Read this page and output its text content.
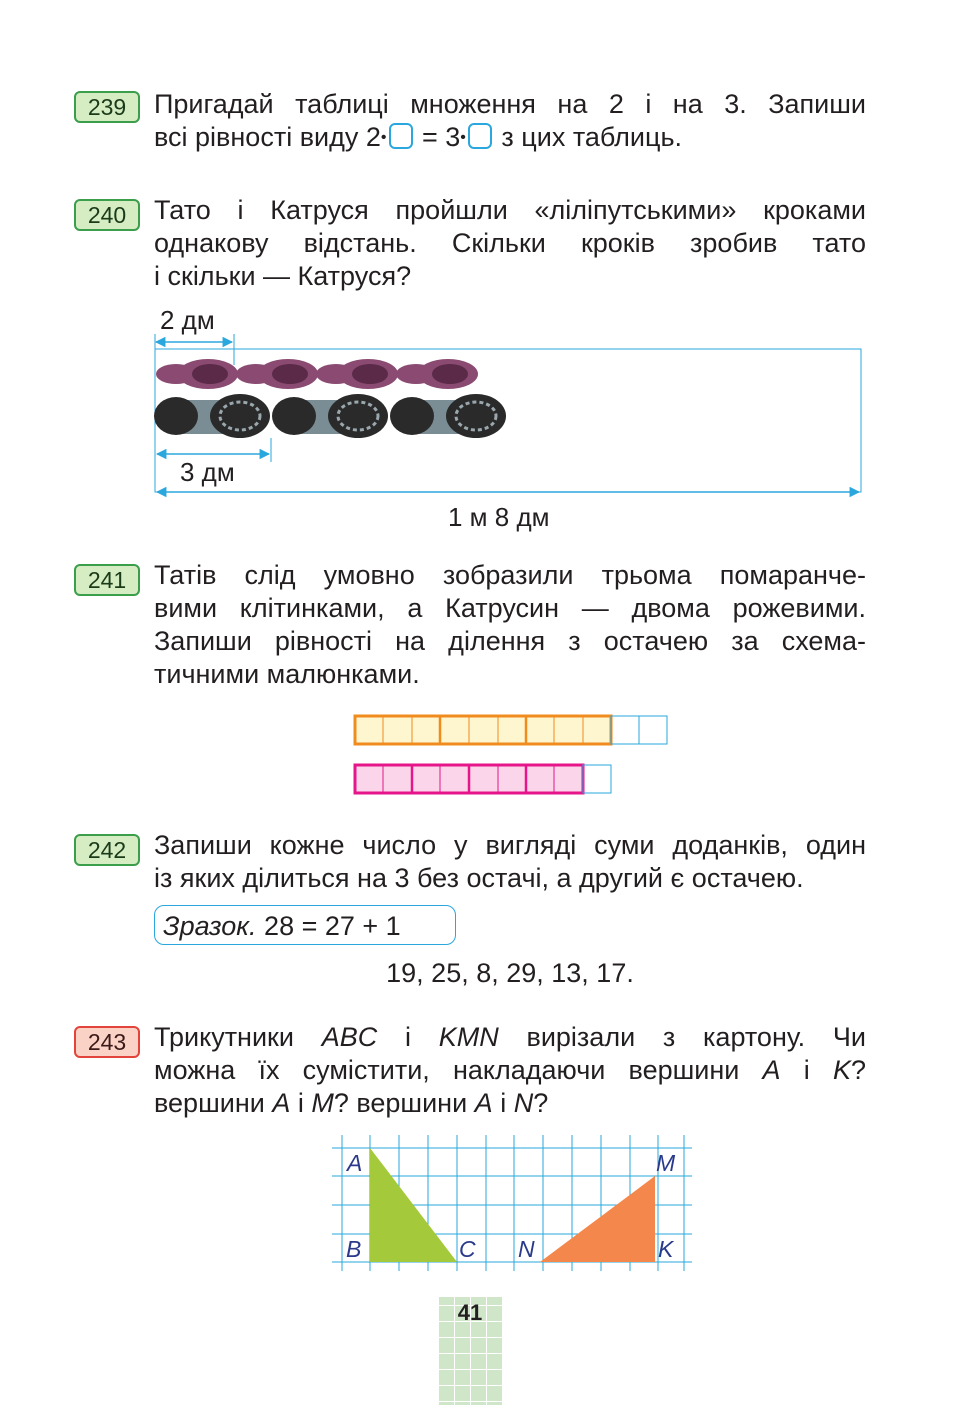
239	Пригадай таблиці множення на 2 і на 3. Запиши
всі рівності виду 2• = 3• з цих таблиць.
240	Тато і Катруся пройшли «ліліпутськими» кроками
однакову відстань. Скільки кроків зробив тато
і скільки — Катруся?
2 дм
3 дм
1 м 8 дм
241	Татів слід умовно зобразили трьома помаранче-
вими клітинками, а Катрусин — двома рожевими.
Запиши рівності на ділення з остачею за схема-
тичними малюнками.
242	Запиши кожне число у вигляді суми доданків, один
із яких ділиться на 3 без остачі, а другий є остачею.
Зразок. 28 = 27 + 1
19, 25, 8, 29, 13, 17.
243	Трикутники ABC і KMN вирізали з картону. Чи
можна їх сумістити, накладаючи вершини A і K?
вершини A і M? вершини A і N?
A
B	C
M
N	K
41
